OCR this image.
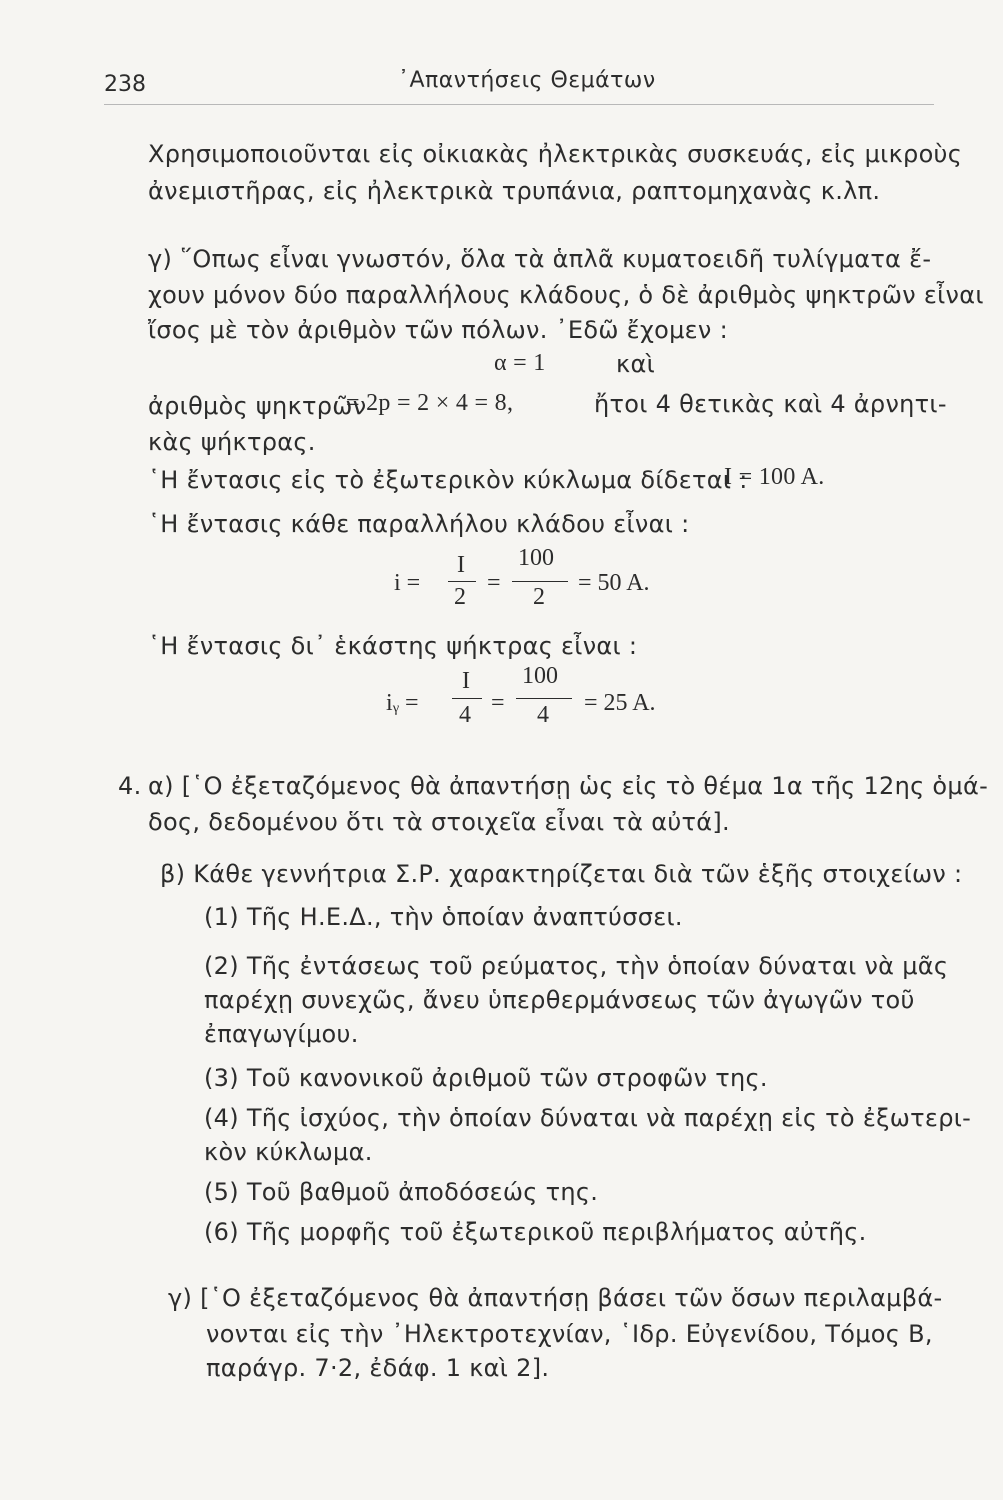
238	᾿Απαντήσεις Θεμάτων
Χρησιμοποιοῦνται εἰς οἰκιακὰς ἠλεκτρικὰς συσκευάς, εἰς μικροὺς
ἀνεμιστῆρας, εἰς ἠλεκτρικὰ τρυπάνια, ραπτομηχανὰς κ.λπ.
γ) ῞Οπως εἶναι γνωστόν, ὅλα τὰ ἁπλᾶ κυματοειδῆ τυλίγματα ἔ-
χουν μόνον δύο παραλλήλους κλάδους, ὁ δὲ ἀριθμὸς ψηκτρῶν εἶναι
ἴσος μὲ τὸν ἀριθμὸν τῶν πόλων. ᾿Εδῶ ἔχομεν :
α = 1	καὶ
ἀριθμὸς ψηκτρῶν
= 2p = 2 × 4 = 8,	ἤτοι 4 θετικὰς καὶ 4 ἀρνητι-
κὰς ψήκτρας.
῾Η ἔντασις εἰς τὸ ἐξωτερικὸν κύκλωμα δίδεται :
I = 100 A.
῾Η ἔντασις κάθε παραλλήλου κλάδου εἶναι :
i =
I
2
=
100
2
= 50 A.
῾Η ἔντασις δι᾿ ἑκάστης ψήκτρας εἶναι :
iᵧ =
I
4 =
100
4 = 25 A.
4. α) [῾Ο ἐξεταζόμενος θὰ ἀπαντήσῃ ὡς εἰς τὸ θέμα 1α τῆς 12ης ὁμά-
δος, δεδομένου ὅτι τὰ στοιχεῖα εἶναι τὰ αὐτά].
β) Κάθε γεννήτρια Σ.Ρ. χαρακτηρίζεται διὰ τῶν ἑξῆς στοιχείων :
(1) Τῆς Η.Ε.Δ., τὴν ὁποίαν ἀναπτύσσει.
(2) Τῆς ἐντάσεως τοῦ ρεύματος, τὴν ὁποίαν δύναται νὰ μᾶς
παρέχῃ συνεχῶς, ἄνευ ὑπερθερμάνσεως τῶν ἀγωγῶν τοῦ
ἐπαγωγίμου.
(3) Τοῦ κανονικοῦ ἀριθμοῦ τῶν στροφῶν της.
(4) Τῆς ἰσχύος, τὴν ὁποίαν δύναται νὰ παρέχῃ εἰς τὸ ἐξωτερι-
κὸν κύκλωμα.
(5) Τοῦ βαθμοῦ ἀποδόσεώς της.
(6) Τῆς μορφῆς τοῦ ἐξωτερικοῦ περιβλήματος αὐτῆς.
γ) [῾Ο ἐξεταζόμενος θὰ ἀπαντήσῃ βάσει τῶν ὅσων περιλαμβά-
νονται εἰς τὴν ᾿Ηλεκτροτεχνίαν, ῾Ιδρ. Εὐγενίδου, Τόμος Β,
παράγρ. 7·2, ἐδάφ. 1 καὶ 2].
